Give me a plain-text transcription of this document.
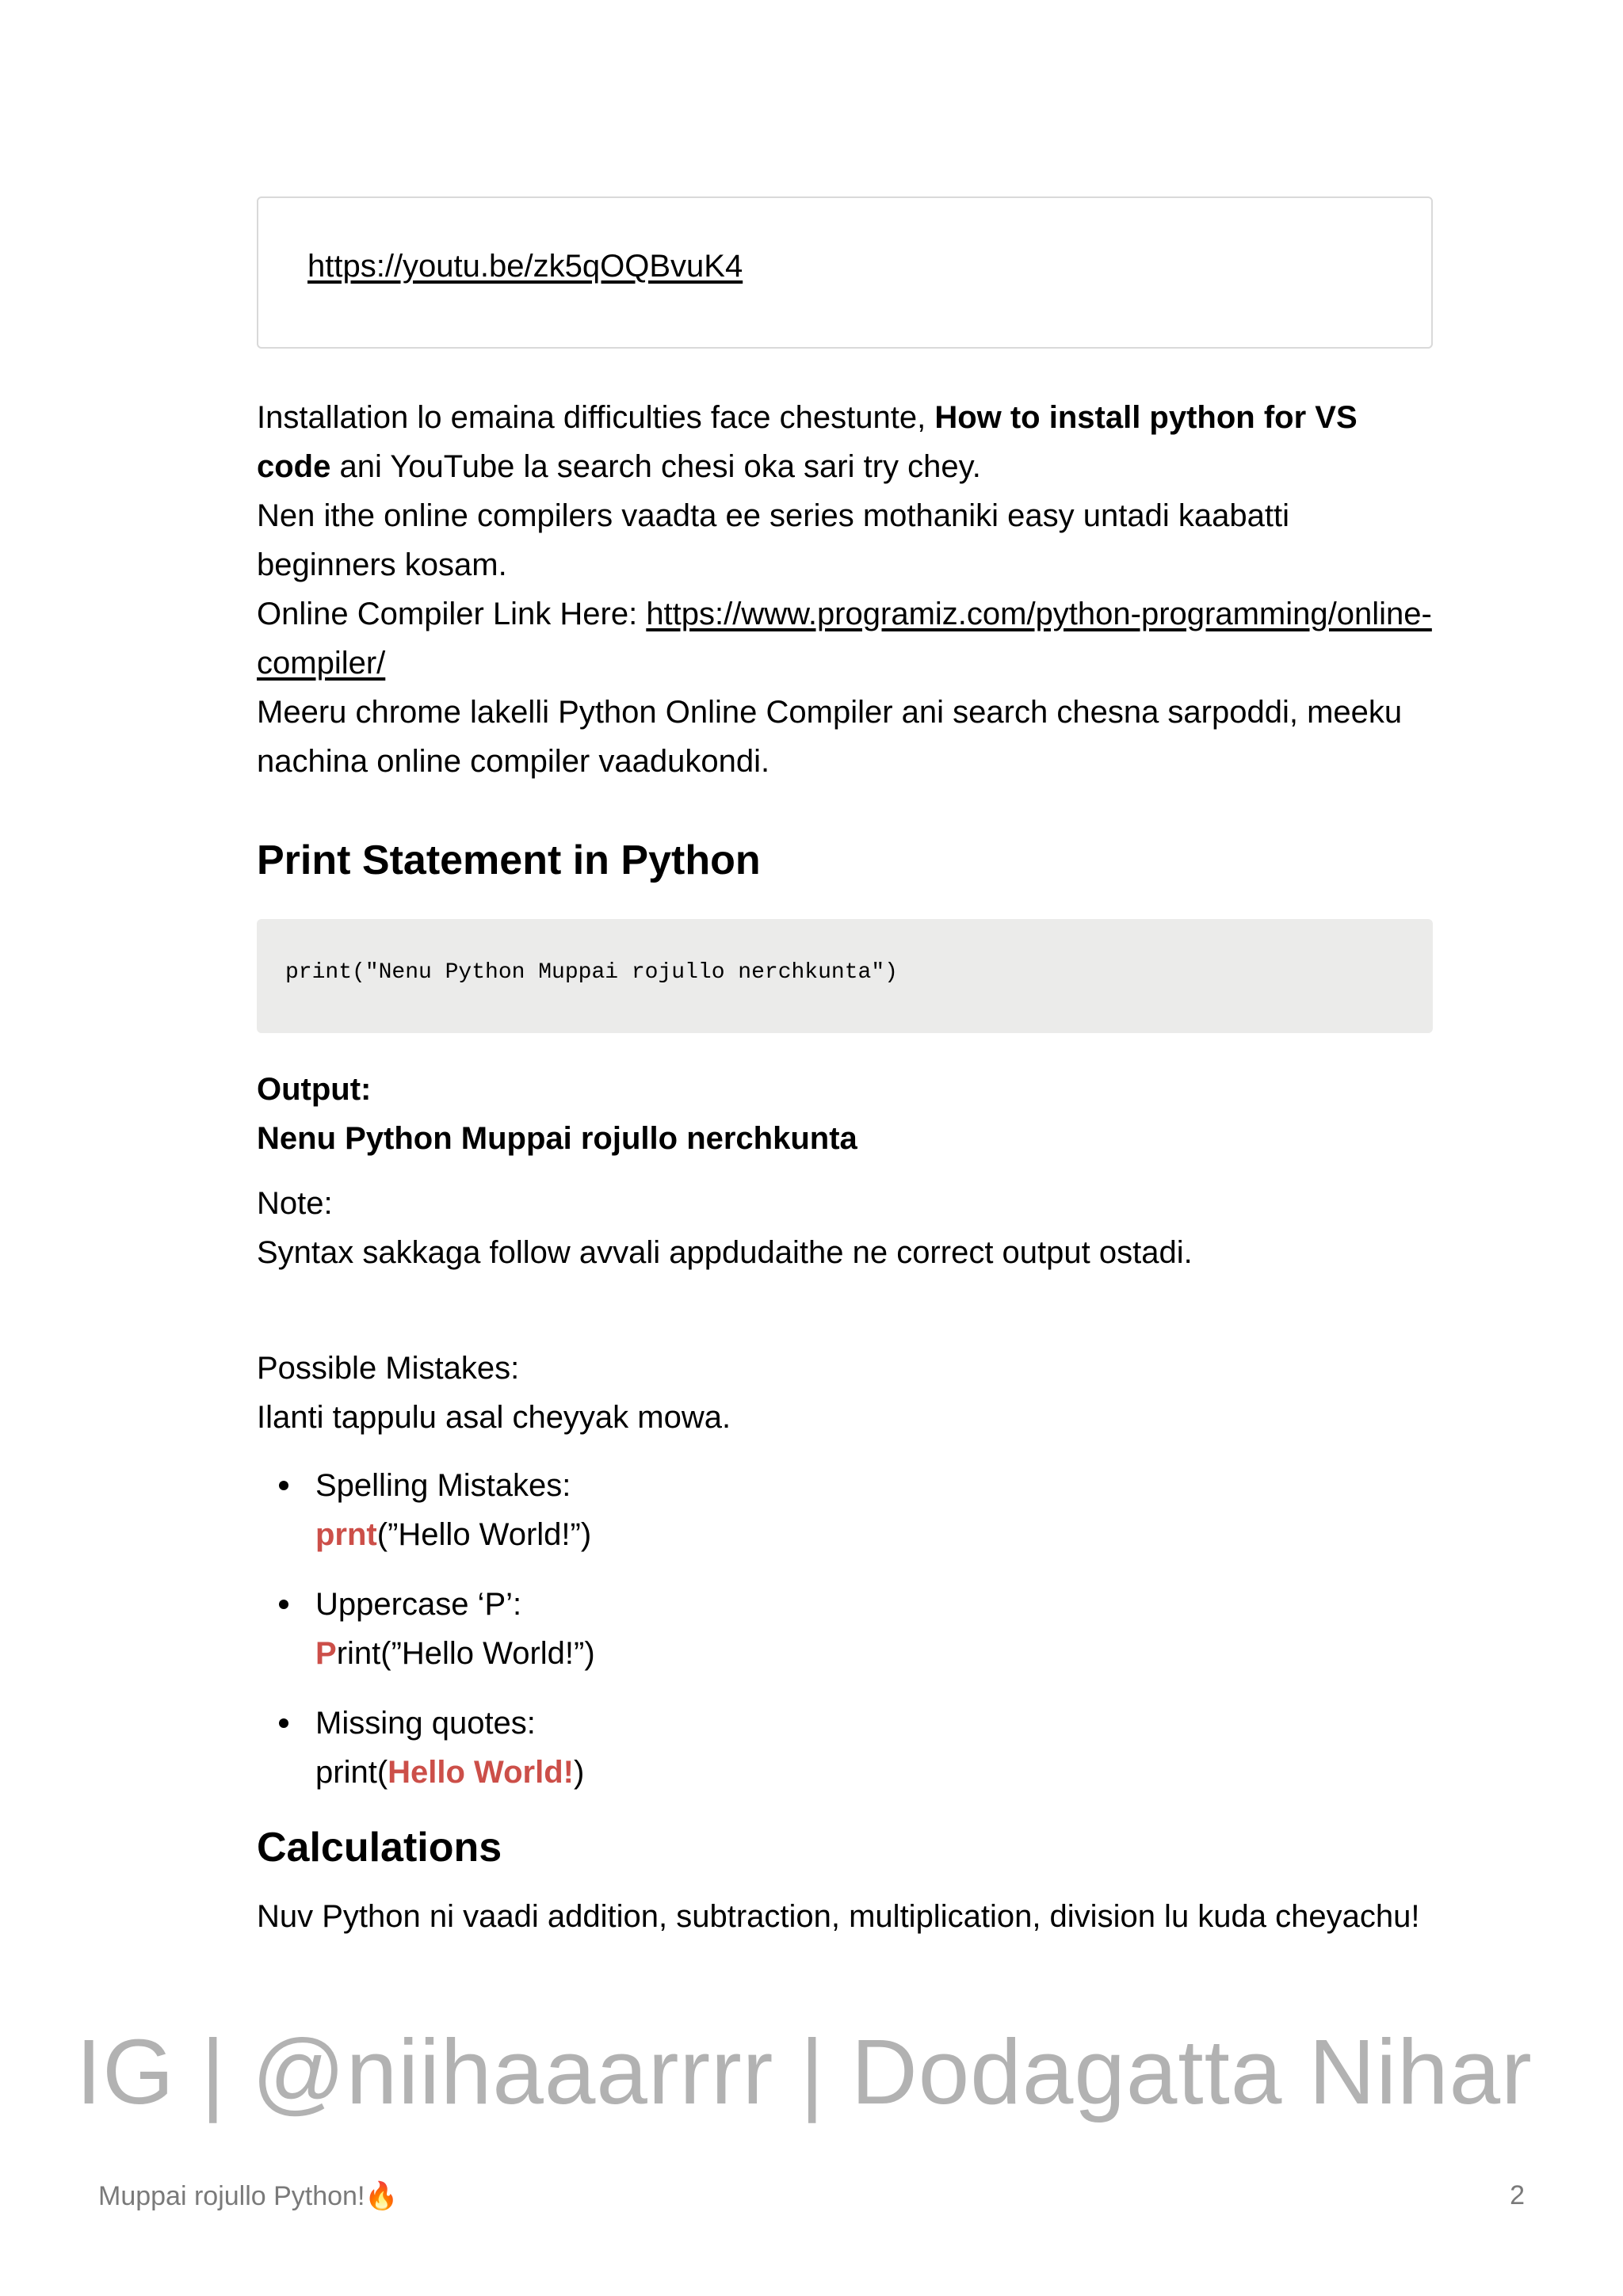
https://youtu.be/zk5qOQBvuK4

Installation lo emaina difficulties face chestunte, How to install python for VS code ani YouTube la search chesi oka sari try chey.
Nen ithe online compilers vaadta ee series mothaniki easy untadi kaabatti beginners kosam.
Online Compiler Link Here: https://www.programiz.com/python-programming/online-compiler/
Meeru chrome lakelli Python Online Compiler ani search chesna sarpoddi, meeku nachina online compiler vaadukondi.

Print Statement in Python
print("Nenu Python Muppai rojullo nerchkunta")

Output:
Nenu Python Muppai rojullo nerchkunta

Note:
Syntax sakkaga follow avvali appdudaithe ne correct output ostadi.

Possible Mistakes:
Ilanti tappulu asal cheyyak mowa.

Spelling Mistakes:
prnt(”Hello World!”)
Uppercase ‘P’:
Print(”Hello World!”)
Missing quotes:
print(Hello World!)
Calculations

Nuv Python ni vaadi addition, subtraction, multiplication, division lu kuda cheyachu!

IG | @niihaaarrrr | Dodagatta Nihar
Muppai rojullo Python!🔥	2
